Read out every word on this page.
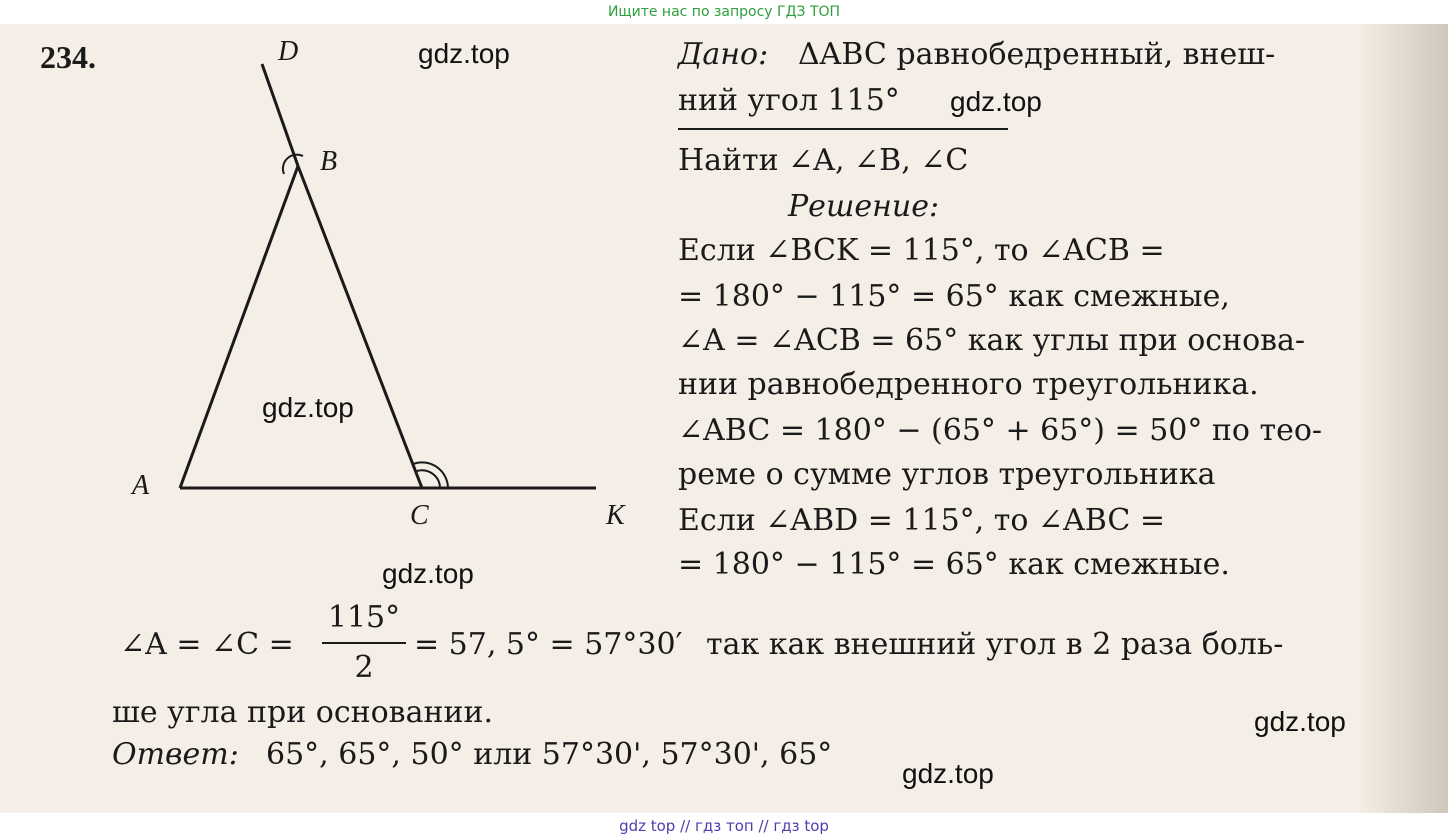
Ищите нас по запросу ГДЗ ТОП
234.	D
B
A
C	K
Дано: ΔABC равнобедренный, внеш-
ний угол 115°
Найти ∠A, ∠B, ∠C
Решение:
Если ∠BCK = 115°, то ∠ACB =
= 180° − 115° = 65° как смежные,
∠A = ∠ACB = 65° как углы при основа-
нии равнобедренного треугольника.
∠ABC = 180° − (65° + 65°) = 50° по тео-
реме о сумме углов треугольника
Если ∠ABD = 115°, то ∠ABC =
= 180° − 115° = 65° как смежные.
∠A = ∠C =
115°
2
= 57, 5° = 57°30′ так как внешний угол в 2 раза боль-
ше угла при основании.
Ответ: 65°, 65°, 50° или 57°30', 57°30', 65°
gdz.top
gdz.top
gdz.top
gdz.top
gdz.top
gdz.top
gdz top // гдз топ // гдз top
